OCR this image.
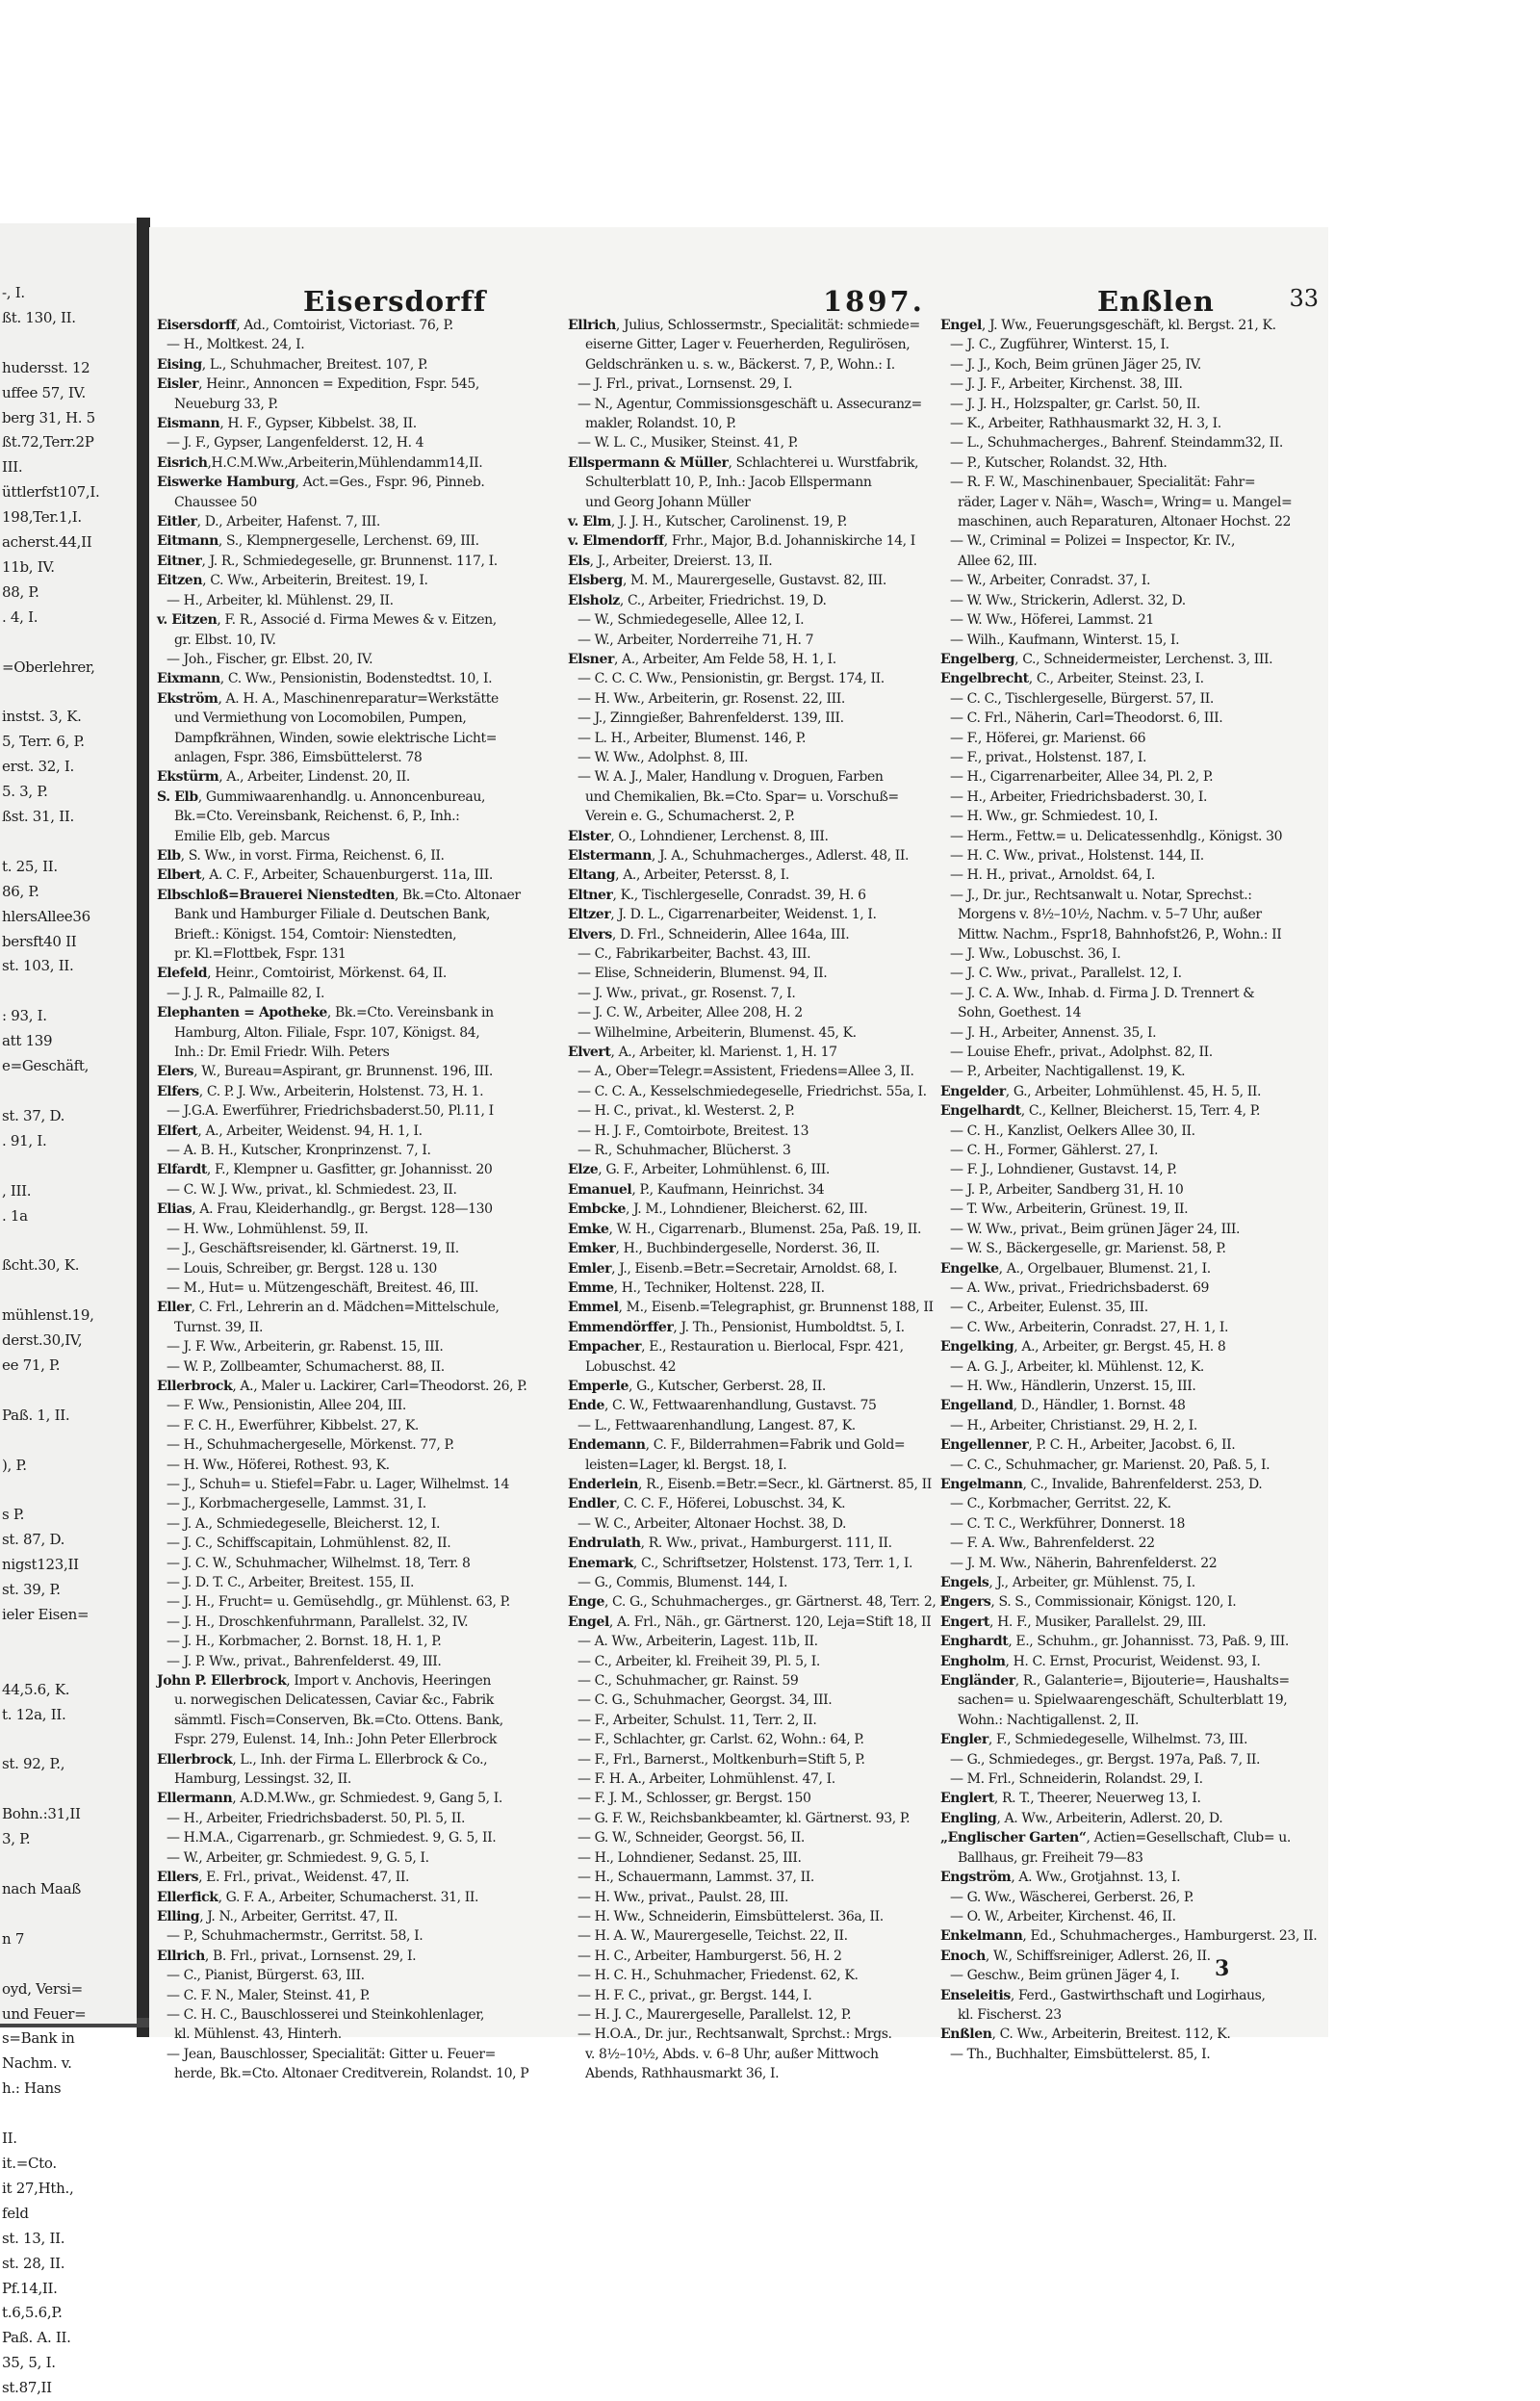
-, I.

ßt. 130, II.

hudersst. 12

uffee 57, IV.

berg 31, H. 5

ßt.72,Terr.2P

III.

üttlerfst107,I.

198,Ter.1,I.

acherst.44,II

11b, IV.

88, P.

. 4, I.

=Oberlehrer,

instst. 3, K.

5, Terr. 6, P.

erst. 32, I.

5. 3, P.

ßst. 31, II.

t. 25, II.

86, P.

hlersAllee36

bersft40 II

st. 103, II.

: 93, I.

att 139

e=Geschäft,

st. 37, D.

. 91, I.

, III.

. 1a

ßcht.30, K.

mühlenst.19,

derst.30,IV,

ee 71, P.

Paß. 1, II.

), P.

s P.

st. 87, D.

nigst123,II

st. 39, P.

ieler Eisen=

44,5.6, K.

t. 12a, II.

st. 92, P.,

Bohn.:31,II

3, P.

nach Maaß

n 7

oyd, Versi=

und Feuer=

s=Bank in

Nachm. v.

h.: Hans

II.

it.=Cto.

it 27,Hth.,

feld

st. 13, II.

st. 28, II.

Pf.14,II.

t.6,5.6,P.

Paß. A. II.

35, 5, I.

st.87,II

Eisersdorff	1897.	Enßlen	33

Eisersdorff, Ad., Comtoirist, Victoriast. 76, P.

— H., Moltkest. 24, I.

Eising, L., Schuhmacher, Breitest. 107, P.

Eisler, Heinr., Annoncen = Expedition, Fspr. 545,

Neueburg 33, P.

Eismann, H. F., Gypser, Kibbelst. 38, II.

— J. F., Gypser, Langenfelderst. 12, H. 4

Eisrich,H.C.M.Ww.,Arbeiterin,Mühlendamm14,II.

Eiswerke Hamburg, Act.=Ges., Fspr. 96, Pinneb.

Chaussee 50

Eitler, D., Arbeiter, Hafenst. 7, III.

Eitmann, S., Klempnergeselle, Lerchenst. 69, III.

Eitner, J. R., Schmiedegeselle, gr. Brunnenst. 117, I.

Eitzen, C. Ww., Arbeiterin, Breitest. 19, I.

— H., Arbeiter, kl. Mühlenst. 29, II.

v. Eitzen, F. R., Associé d. Firma Mewes & v. Eitzen,

gr. Elbst. 10, IV.

— Joh., Fischer, gr. Elbst. 20, IV.

Eixmann, C. Ww., Pensionistin, Bodenstedtst. 10, I.

Ekström, A. H. A., Maschinenreparatur=Werkstätte

und Vermiethung von Locomobilen, Pumpen,

Dampfkrähnen, Winden, sowie elektrische Licht=

anlagen, Fspr. 386, Eimsbüttelerst. 78

Ekstürm, A., Arbeiter, Lindenst. 20, II.

S. Elb, Gummiwaarenhandlg. u. Annoncenbureau,

Bk.=Cto. Vereinsbank, Reichenst. 6, P., Inh.:

Emilie Elb, geb. Marcus

Elb, S. Ww., in vorst. Firma, Reichenst. 6, II.

Elbert, A. C. F., Arbeiter, Schauenburgerst. 11a, III.

Elbschloß=Brauerei Nienstedten, Bk.=Cto. Altonaer

Bank und Hamburger Filiale d. Deutschen Bank,

Brieft.: Königst. 154, Comtoir: Nienstedten,

pr. Kl.=Flottbek, Fspr. 131

Elefeld, Heinr., Comtoirist, Mörkenst. 64, II.

— J. J. R., Palmaille 82, I.

Elephanten = Apotheke, Bk.=Cto. Vereinsbank in

Hamburg, Alton. Filiale, Fspr. 107, Königst. 84,

Inh.: Dr. Emil Friedr. Wilh. Peters

Elers, W., Bureau=Aspirant, gr. Brunnenst. 196, III.

Elfers, C. P. J. Ww., Arbeiterin, Holstenst. 73, H. 1.

— J.G.A. Ewerführer, Friedrichsbaderst.50, Pl.11, I

Elfert, A., Arbeiter, Weidenst. 94, H. 1, I.

— A. B. H., Kutscher, Kronprinzenst. 7, I.

Elfardt, F., Klempner u. Gasfitter, gr. Johannisst. 20

— C. W. J. Ww., privat., kl. Schmiedest. 23, II.

Elias, A. Frau, Kleiderhandlg., gr. Bergst. 128—130

— H. Ww., Lohmühlenst. 59, II.

— J., Geschäftsreisender, kl. Gärtnerst. 19, II.

— Louis, Schreiber, gr. Bergst. 128 u. 130

— M., Hut= u. Mützengeschäft, Breitest. 46, III.

Eller, C. Frl., Lehrerin an d. Mädchen=Mittelschule,

Turnst. 39, II.

— J. F. Ww., Arbeiterin, gr. Rabenst. 15, III.

— W. P., Zollbeamter, Schumacherst. 88, II.

Ellerbrock, A., Maler u. Lackirer, Carl=Theodorst. 26, P.

— F. Ww., Pensionistin, Allee 204, III.

— F. C. H., Ewerführer, Kibbelst. 27, K.

— H., Schuhmachergeselle, Mörkenst. 77, P.

— H. Ww., Höferei, Rothest. 93, K.

— J., Schuh= u. Stiefel=Fabr. u. Lager, Wilhelmst. 14

— J., Korbmachergeselle, Lammst. 31, I.

— J. A., Schmiedegeselle, Bleicherst. 12, I.

— J. C., Schiffscapitain, Lohmühlenst. 82, II.

— J. C. W., Schuhmacher, Wilhelmst. 18, Terr. 8

— J. D. T. C., Arbeiter, Breitest. 155, II.

— J. H., Frucht= u. Gemüsehdlg., gr. Mühlenst. 63, P.

— J. H., Droschkenfuhrmann, Parallelst. 32, IV.

— J. H., Korbmacher, 2. Bornst. 18, H. 1, P.

— J. P. Ww., privat., Bahrenfelderst. 49, III.

John P. Ellerbrock, Import v. Anchovis, Heeringen

u. norwegischen Delicatessen, Caviar &c., Fabrik

sämmtl. Fisch=Conserven, Bk.=Cto. Ottens. Bank,

Fspr. 279, Eulenst. 14, Inh.: John Peter Ellerbrock

Ellerbrock, L., Inh. der Firma L. Ellerbrock & Co.,

Hamburg, Lessingst. 32, II.

Ellermann, A.D.M.Ww., gr. Schmiedest. 9, Gang 5, I.

— H., Arbeiter, Friedrichsbaderst. 50, Pl. 5, II.

— H.M.A., Cigarrenarb., gr. Schmiedest. 9, G. 5, II.

— W., Arbeiter, gr. Schmiedest. 9, G. 5, I.

Ellers, E. Frl., privat., Weidenst. 47, II.

Ellerfick, G. F. A., Arbeiter, Schumacherst. 31, II.

Elling, J. N., Arbeiter, Gerritst. 47, II.

— P., Schuhmachermstr., Gerritst. 58, I.

Ellrich, B. Frl., privat., Lornsenst. 29, I.

— C., Pianist, Bürgerst. 63, III.

— C. F. N., Maler, Steinst. 41, P.

— C. H. C., Bauschlosserei und Steinkohlenlager,

kl. Mühlenst. 43, Hinterh.

— Jean, Bauschlosser, Specialität: Gitter u. Feuer=

herde, Bk.=Cto. Altonaer Creditverein, Rolandst. 10, P

Ellrich, Julius, Schlossermstr., Specialität: schmiede=

eiserne Gitter, Lager v. Feuerherden, Regulirösen,

Geldschränken u. s. w., Bäckerst. 7, P., Wohn.: I.

— J. Frl., privat., Lornsenst. 29, I.

— N., Agentur, Commissionsgeschäft u. Assecuranz=

makler, Rolandst. 10, P.

— W. L. C., Musiker, Steinst. 41, P.

Ellspermann & Müller, Schlachterei u. Wurstfabrik,

Schulterblatt 10, P., Inh.: Jacob Ellspermann

und Georg Johann Müller

v. Elm, J. J. H., Kutscher, Carolinenst. 19, P.

v. Elmendorff, Frhr., Major, B.d. Johanniskirche 14, I

Els, J., Arbeiter, Dreierst. 13, II.

Elsberg, M. M., Maurergeselle, Gustavst. 82, III.

Elsholz, C., Arbeiter, Friedrichst. 19, D.

— W., Schmiedegeselle, Allee 12, I.

— W., Arbeiter, Norderreihe 71, H. 7

Elsner, A., Arbeiter, Am Felde 58, H. 1, I.

— C. C. C. Ww., Pensionistin, gr. Bergst. 174, II.

— H. Ww., Arbeiterin, gr. Rosenst. 22, III.

— J., Zinngießer, Bahrenfelderst. 139, III.

— L. H., Arbeiter, Blumenst. 146, P.

— W. Ww., Adolphst. 8, III.

— W. A. J., Maler, Handlung v. Droguen, Farben

und Chemikalien, Bk.=Cto. Spar= u. Vorschuß=

Verein e. G., Schumacherst. 2, P.

Elster, O., Lohndiener, Lerchenst. 8, III.

Elstermann, J. A., Schuhmacherges., Adlerst. 48, II.

Eltang, A., Arbeiter, Petersst. 8, I.

Eltner, K., Tischlergeselle, Conradst. 39, H. 6

Eltzer, J. D. L., Cigarrenarbeiter, Weidenst. 1, I.

Elvers, D. Frl., Schneiderin, Allee 164a, III.

— C., Fabrikarbeiter, Bachst. 43, III.

— Elise, Schneiderin, Blumenst. 94, II.

— J. Ww., privat., gr. Rosenst. 7, I.

— J. C. W., Arbeiter, Allee 208, H. 2

— Wilhelmine, Arbeiterin, Blumenst. 45, K.

Elvert, A., Arbeiter, kl. Marienst. 1, H. 17

— A., Ober=Telegr.=Assistent, Friedens=Allee 3, II.

— C. C. A., Kesselschmiedegeselle, Friedrichst. 55a, I.

— H. C., privat., kl. Westerst. 2, P.

— H. J. F., Comtoirbote, Breitest. 13

— R., Schuhmacher, Blücherst. 3

Elze, G. F., Arbeiter, Lohmühlenst. 6, III.

Emanuel, P., Kaufmann, Heinrichst. 34

Embcke, J. M., Lohndiener, Bleicherst. 62, III.

Emke, W. H., Cigarrenarb., Blumenst. 25a, Paß. 19, II.

Emker, H., Buchbindergeselle, Norderst. 36, II.

Emler, J., Eisenb.=Betr.=Secretair, Arnoldst. 68, I.

Emme, H., Techniker, Holtenst. 228, II.

Emmel, M., Eisenb.=Telegraphist, gr. Brunnenst 188, II

Emmendörffer, J. Th., Pensionist, Humboldtst. 5, I.

Empacher, E., Restauration u. Bierlocal, Fspr. 421,

Lobuschst. 42

Emperle, G., Kutscher, Gerberst. 28, II.

Ende, C. W., Fettwaarenhandlung, Gustavst. 75

— L., Fettwaarenhandlung, Langest. 87, K.

Endemann, C. F., Bilderrahmen=Fabrik und Gold=

leisten=Lager, kl. Bergst. 18, I.

Enderlein, R., Eisenb.=Betr.=Secr., kl. Gärtnerst. 85, II

Endler, C. C. F., Höferei, Lobuschst. 34, K.

— W. C., Arbeiter, Altonaer Hochst. 38, D.

Endrulath, R. Ww., privat., Hamburgerst. 111, II.

Enemark, C., Schriftsetzer, Holstenst. 173, Terr. 1, I.

— G., Commis, Blumenst. 144, I.

Enge, C. G., Schuhmacherges., gr. Gärtnerst. 48, Terr. 2, P

Engel, A. Frl., Näh., gr. Gärtnerst. 120, Leja=Stift 18, II

— A. Ww., Arbeiterin, Lagest. 11b, II.

— C., Arbeiter, kl. Freiheit 39, Pl. 5, I.

— C., Schuhmacher, gr. Rainst. 59

— C. G., Schuhmacher, Georgst. 34, III.

— F., Arbeiter, Schulst. 11, Terr. 2, II.

— F., Schlachter, gr. Carlst. 62, Wohn.: 64, P.

— F., Frl., Barnerst., Moltkenburh=Stift 5, P.

— F. H. A., Arbeiter, Lohmühlenst. 47, I.

— F. J. M., Schlosser, gr. Bergst. 150

— G. F. W., Reichsbankbeamter, kl. Gärtnerst. 93, P.

— G. W., Schneider, Georgst. 56, II.

— H., Lohndiener, Sedanst. 25, III.

— H., Schauermann, Lammst. 37, II.

— H. Ww., privat., Paulst. 28, III.

— H. Ww., Schneiderin, Eimsbüttelerst. 36a, II.

— H. A. W., Maurergeselle, Teichst. 22, II.

— H. C., Arbeiter, Hamburgerst. 56, H. 2

— H. C. H., Schuhmacher, Friedenst. 62, K.

— H. F. C., privat., gr. Bergst. 144, I.

— H. J. C., Maurergeselle, Parallelst. 12, P.

— H.O.A., Dr. jur., Rechtsanwalt, Sprchst.: Mrgs.

v. 8½–10½, Abds. v. 6–8 Uhr, außer Mittwoch

Abends, Rathhausmarkt 36, I.

Engel, J. Ww., Feuerungsgeschäft, kl. Bergst. 21, K.

— J. C., Zugführer, Winterst. 15, I.

— J. J., Koch, Beim grünen Jäger 25, IV.

— J. J. F., Arbeiter, Kirchenst. 38, III.

— J. J. H., Holzspalter, gr. Carlst. 50, II.

— K., Arbeiter, Rathhausmarkt 32, H. 3, I.

— L., Schuhmacherges., Bahrenf. Steindamm32, II.

— P., Kutscher, Rolandst. 32, Hth.

— R. F. W., Maschinenbauer, Specialität: Fahr=

räder, Lager v. Näh=, Wasch=, Wring= u. Mangel=

maschinen, auch Reparaturen, Altonaer Hochst. 22

— W., Criminal = Polizei = Inspector, Kr. IV.,

Allee 62, III.

— W., Arbeiter, Conradst. 37, I.

— W. Ww., Strickerin, Adlerst. 32, D.

— W. Ww., Höferei, Lammst. 21

— Wilh., Kaufmann, Winterst. 15, I.

Engelberg, C., Schneidermeister, Lerchenst. 3, III.

Engelbrecht, C., Arbeiter, Steinst. 23, I.

— C. C., Tischlergeselle, Bürgerst. 57, II.

— C. Frl., Näherin, Carl=Theodorst. 6, III.

— F., Höferei, gr. Marienst. 66

— F., privat., Holstenst. 187, I.

— H., Cigarrenarbeiter, Allee 34, Pl. 2, P.

— H., Arbeiter, Friedrichsbaderst. 30, I.

— H. Ww., gr. Schmiedest. 10, I.

— Herm., Fettw.= u. Delicatessenhdlg., Königst. 30

— H. C. Ww., privat., Holstenst. 144, II.

— H. H., privat., Arnoldst. 64, I.

— J., Dr. jur., Rechtsanwalt u. Notar, Sprechst.:

Morgens v. 8½–10½, Nachm. v. 5–7 Uhr, außer

Mittw. Nachm., Fspr18, Bahnhofst26, P., Wohn.: II

— J. Ww., Lobuschst. 36, I.

— J. C. Ww., privat., Parallelst. 12, I.

— J. C. A. Ww., Inhab. d. Firma J. D. Trennert &

Sohn, Goethest. 14

— J. H., Arbeiter, Annenst. 35, I.

— Louise Ehefr., privat., Adolphst. 82, II.

— P., Arbeiter, Nachtigallenst. 19, K.

Engelder, G., Arbeiter, Lohmühlenst. 45, H. 5, II.

Engelhardt, C., Kellner, Bleicherst. 15, Terr. 4, P.

— C. H., Kanzlist, Oelkers Allee 30, II.

— C. H., Former, Gählerst. 27, I.

— F. J., Lohndiener, Gustavst. 14, P.

— J. P., Arbeiter, Sandberg 31, H. 10

— T. Ww., Arbeiterin, Grünest. 19, II.

— W. Ww., privat., Beim grünen Jäger 24, III.

— W. S., Bäckergeselle, gr. Marienst. 58, P.

Engelke, A., Orgelbauer, Blumenst. 21, I.

— A. Ww., privat., Friedrichsbaderst. 69

— C., Arbeiter, Eulenst. 35, III.

— C. Ww., Arbeiterin, Conradst. 27, H. 1, I.

Engelking, A., Arbeiter, gr. Bergst. 45, H. 8

— A. G. J., Arbeiter, kl. Mühlenst. 12, K.

— H. Ww., Händlerin, Unzerst. 15, III.

Engelland, D., Händler, 1. Bornst. 48

— H., Arbeiter, Christianst. 29, H. 2, I.

Engellenner, P. C. H., Arbeiter, Jacobst. 6, II.

— C. C., Schuhmacher, gr. Marienst. 20, Paß. 5, I.

Engelmann, C., Invalide, Bahrenfelderst. 253, D.

— C., Korbmacher, Gerritst. 22, K.

— C. T. C., Werkführer, Donnerst. 18

— F. A. Ww., Bahrenfelderst. 22

— J. M. Ww., Näherin, Bahrenfelderst. 22

Engels, J., Arbeiter, gr. Mühlenst. 75, I.

Engers, S. S., Commissionair, Königst. 120, I.

Engert, H. F., Musiker, Parallelst. 29, III.

Enghardt, E., Schuhm., gr. Johannisst. 73, Paß. 9, III.

Engholm, H. C. Ernst, Procurist, Weidenst. 93, I.

Engländer, R., Galanterie=, Bijouterie=, Haushalts=

sachen= u. Spielwaarengeschäft, Schulterblatt 19,

Wohn.: Nachtigallenst. 2, II.

Engler, F., Schmiedegeselle, Wilhelmst. 73, III.

— G., Schmiedeges., gr. Bergst. 197a, Paß. 7, II.

— M. Frl., Schneiderin, Rolandst. 29, I.

Englert, R. T., Theerer, Neuerweg 13, I.

Engling, A. Ww., Arbeiterin, Adlerst. 20, D.

„Englischer Garten“, Actien=Gesellschaft, Club= u.

Ballhaus, gr. Freiheit 79—83

Engström, A. Ww., Grotjahnst. 13, I.

— G. Ww., Wäscherei, Gerberst. 26, P.

— O. W., Arbeiter, Kirchenst. 46, II.

Enkelmann, Ed., Schuhmacherges., Hamburgerst. 23, II.

Enoch, W., Schiffsreiniger, Adlerst. 26, II.

— Geschw., Beim grünen Jäger 4, I.

Enseleitis, Ferd., Gastwirthschaft und Logirhaus,

kl. Fischerst. 23

Enßlen, C. Ww., Arbeiterin, Breitest. 112, K.

— Th., Buchhalter, Eimsbüttelerst. 85, I.

3
